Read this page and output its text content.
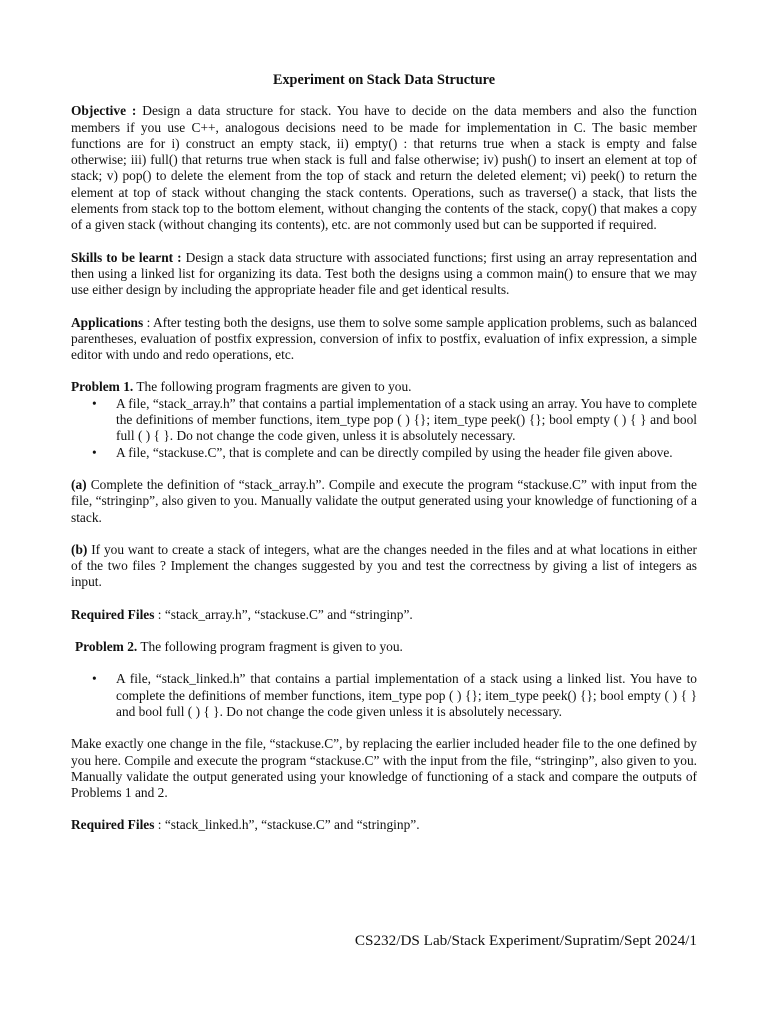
Experiment on Stack Data Structure

Objective : Design a data structure for stack. You have to decide on the data members and also the function members if you use C++, analogous decisions need to be made for implementation in C. The basic member functions are for i) construct an empty stack, ii) empty() : that returns true when a stack is empty and false otherwise; iii) full() that returns true when stack is full and false otherwise; iv) push() to insert an element at top of stack; v) pop() to delete the element from the top of stack and return the deleted element; vi) peek() to return the element at top of stack without changing the stack contents. Operations, such as traverse() a stack, that lists the elements from stack top to the bottom element, without changing the contents of the stack, copy() that makes a copy of a given stack (without changing its contents), etc. are not commonly used but can be supported if required.

Skills to be learnt : Design a stack data structure with associated functions; first using an array representation and then using a linked list for organizing its data. Test both the designs using a common main() to ensure that we may use either design by including the appropriate header file and get identical results.

Applications : After testing both the designs, use them to solve some sample application problems, such as balanced parentheses, evaluation of postfix expression, conversion of infix to postfix, evaluation of infix expression, a simple editor with undo and redo operations, etc.

Problem 1. The following program fragments are given to you.

• A file, “stack_array.h” that contains a partial implementation of a stack using an array. You have to complete the definitions of member functions, item_type pop ( ) {}; item_type peek() {}; bool empty ( ) { } and bool full ( ) { }. Do not change the code given, unless it is absolutely necessary.
• A file, “stackuse.C”, that is complete and can be directly compiled by using the header file given above.

(a) Complete the definition of “stack_array.h”. Compile and execute the program “stackuse.C” with input from the file, “stringinp”, also given to you. Manually validate the output generated using your knowledge of functioning of a stack.

(b) If you want to create a stack of integers, what are the changes needed in the files and at what locations in either of the two files ? Implement the changes suggested by you and test the correctness by giving a list of integers as input.

Required Files : “stack_array.h”, “stackuse.C” and “stringinp”.

Problem 2. The following program fragment is given to you.

• A file, “stack_linked.h” that contains a partial implementation of a stack using a linked list. You have to complete the definitions of member functions, item_type pop ( ) {}; item_type peek() {}; bool empty ( ) { } and bool full ( ) { }. Do not change the code given unless it is absolutely necessary.

Make exactly one change in the file, “stackuse.C”, by replacing the earlier included header file to the one defined by you here. Compile and execute the program “stackuse.C” with the input from the file, “stringinp”, also given to you. Manually validate the output generated using your knowledge of functioning of a stack and compare the outputs of Problems 1 and 2.

Required Files : “stack_linked.h”, “stackuse.C” and “stringinp”.

CS232/DS Lab/Stack Experiment/Supratim/Sept 2024/1
